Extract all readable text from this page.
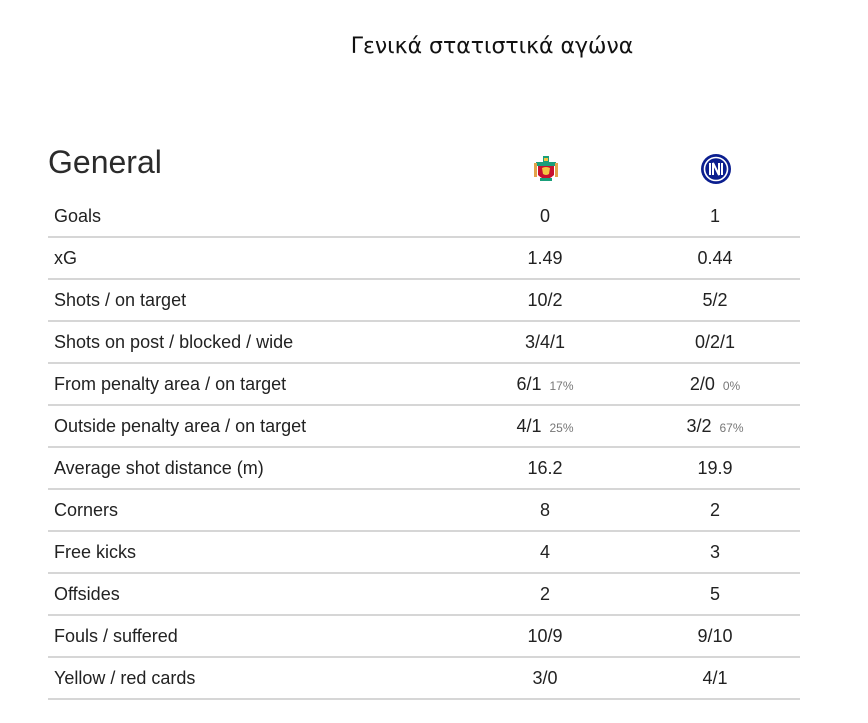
Γενικά στατιστικά αγώνα
General
Goals	0	1
xG	1.49	0.44
Shots / on target	10/2	5/2
Shots on post / blocked / wide	3/4/1	0/2/1
From penalty area / on target	6/1 17%	2/0 0%
Outside penalty area / on target	4/1 25%	3/2 67%
Average shot distance (m)	16.2	19.9
Corners	8	2
Free kicks	4	3
Offsides	2	5
Fouls / suffered	10/9	9/10
Yellow / red cards	3/0	4/1
